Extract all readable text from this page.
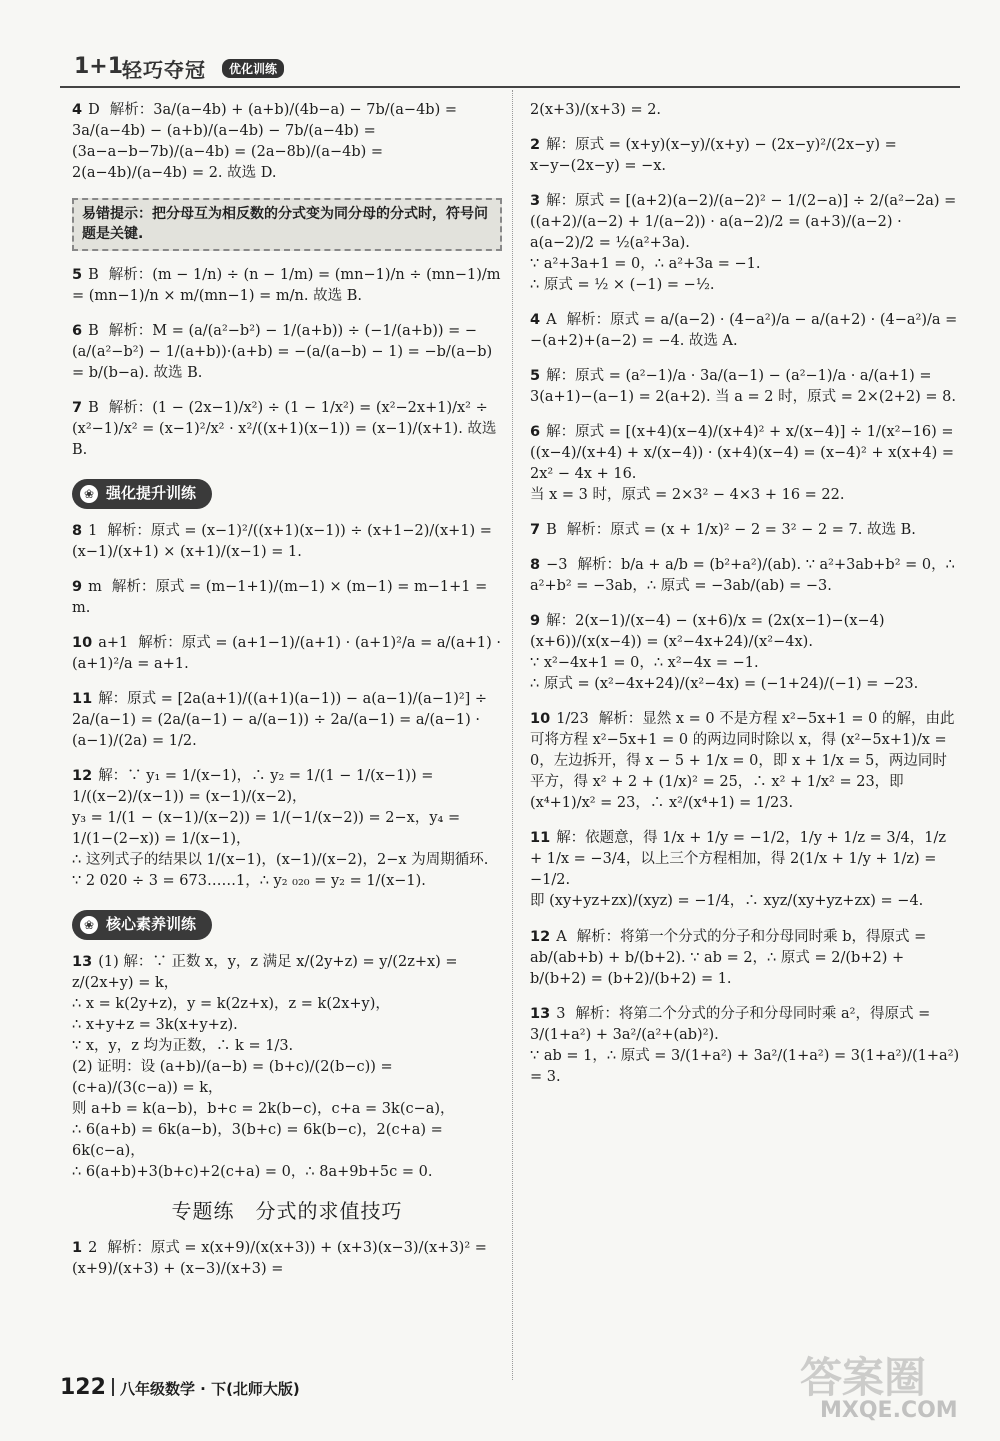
1+1
轻巧夺冠	优化训练
4 D 解析：3a/(a−4b) + (a+b)/(4b−a) − 7b/(a−4b) = 3a/(a−4b) − (a+b)/(a−4b) − 7b/(a−4b) = (3a−a−b−7b)/(a−4b) = (2a−8b)/(a−4b) = 2(a−4b)/(a−4b) = 2. 故选 D.
易错提示：把分母互为相反数的分式变为同分母的分式时，符号问题是关键.
5 B 解析：(m − 1/n) ÷ (n − 1/m) = (mn−1)/n ÷ (mn−1)/m = (mn−1)/n × m/(mn−1) = m/n. 故选 B.
6 B 解析：M = (a/(a²−b²) − 1/(a+b)) ÷ (−1/(a+b)) = −(a/(a²−b²) − 1/(a+b))·(a+b) = −(a/(a−b) − 1) = −b/(a−b) = b/(b−a). 故选 B.
7 B 解析：(1 − (2x−1)/x²) ÷ (1 − 1/x²) = (x²−2x+1)/x² ÷ (x²−1)/x² = (x−1)²/x² · x²/((x+1)(x−1)) = (x−1)/(x+1). 故选 B.
❀ 强化提升训练
8 1 解析：原式 = (x−1)²/((x+1)(x−1)) ÷ (x+1−2)/(x+1) = (x−1)/(x+1) × (x+1)/(x−1) = 1.
9 m 解析：原式 = (m−1+1)/(m−1) × (m−1) = m−1+1 = m.
10 a+1 解析：原式 = (a+1−1)/(a+1) · (a+1)²/a = a/(a+1) · (a+1)²/a = a+1.
11 解：原式 = [2a(a+1)/((a+1)(a−1)) − a(a−1)/(a−1)²] ÷ 2a/(a−1) = (2a/(a−1) − a/(a−1)) ÷ 2a/(a−1) = a/(a−1) · (a−1)/(2a) = 1/2.
12 解：∵ y₁ = 1/(x−1)，∴ y₂ = 1/(1 − 1/(x−1)) = 1/((x−2)/(x−1)) = (x−1)/(x−2)，
y₃ = 1/(1 − (x−1)/(x−2)) = 1/(−1/(x−2)) = 2−x，y₄ = 1/(1−(2−x)) = 1/(x−1)，
∴ 这列式子的结果以 1/(x−1)，(x−1)/(x−2)，2−x 为周期循环.
∵ 2 020 ÷ 3 = 673……1，∴ y₂ ₀₂₀ = y₂ = 1/(x−1).
❀ 核心素养训练
13 (1) 解：∵ 正数 x，y，z 满足 x/(2y+z) = y/(2z+x) = z/(2x+y) = k，
∴ x = k(2y+z)，y = k(2z+x)，z = k(2x+y)，
∴ x+y+z = 3k(x+y+z).
∵ x，y，z 均为正数，∴ k = 1/3.
(2) 证明：设 (a+b)/(a−b) = (b+c)/(2(b−c)) = (c+a)/(3(c−a)) = k，
则 a+b = k(a−b)，b+c = 2k(b−c)，c+a = 3k(c−a)，
∴ 6(a+b) = 6k(a−b)，3(b+c) = 6k(b−c)，2(c+a) = 6k(c−a)，
∴ 6(a+b)+3(b+c)+2(c+a) = 0，∴ 8a+9b+5c = 0.
专题练　分式的求值技巧
1 2 解析：原式 = x(x+9)/(x(x+3)) + (x+3)(x−3)/(x+3)² = (x+9)/(x+3) + (x−3)/(x+3) =
2(x+3)/(x+3) = 2.
2 解：原式 = (x+y)(x−y)/(x+y) − (2x−y)²/(2x−y) = x−y−(2x−y) = −x.
3 解：原式 = [(a+2)(a−2)/(a−2)² − 1/(2−a)] ÷ 2/(a²−2a) = ((a+2)/(a−2) + 1/(a−2)) · a(a−2)/2 = (a+3)/(a−2) · a(a−2)/2 = ½(a²+3a).
∵ a²+3a+1 = 0，∴ a²+3a = −1.
∴ 原式 = ½ × (−1) = −½.
4 A 解析：原式 = a/(a−2) · (4−a²)/a − a/(a+2) · (4−a²)/a = −(a+2)+(a−2) = −4. 故选 A.
5 解：原式 = (a²−1)/a · 3a/(a−1) − (a²−1)/a · a/(a+1) = 3(a+1)−(a−1) = 2(a+2). 当 a = 2 时，原式 = 2×(2+2) = 8.
6 解：原式 = [(x+4)(x−4)/(x+4)² + x/(x−4)] ÷ 1/(x²−16) = ((x−4)/(x+4) + x/(x−4)) · (x+4)(x−4) = (x−4)² + x(x+4) = 2x² − 4x + 16.
当 x = 3 时，原式 = 2×3² − 4×3 + 16 = 22.
7 B 解析：原式 = (x + 1/x)² − 2 = 3² − 2 = 7. 故选 B.
8 −3 解析：b/a + a/b = (b²+a²)/(ab). ∵ a²+3ab+b² = 0，∴ a²+b² = −3ab，∴ 原式 = −3ab/(ab) = −3.
9 解：2(x−1)/(x−4) − (x+6)/x = (2x(x−1)−(x−4)(x+6))/(x(x−4)) = (x²−4x+24)/(x²−4x).
∵ x²−4x+1 = 0，∴ x²−4x = −1.
∴ 原式 = (x²−4x+24)/(x²−4x) = (−1+24)/(−1) = −23.
10 1/23 解析：显然 x = 0 不是方程 x²−5x+1 = 0 的解，由此可将方程 x²−5x+1 = 0 的两边同时除以 x，得 (x²−5x+1)/x = 0，左边拆开，得 x − 5 + 1/x = 0，即 x + 1/x = 5，两边同时平方，得 x² + 2 + (1/x)² = 25，∴ x² + 1/x² = 23，即 (x⁴+1)/x² = 23，∴ x²/(x⁴+1) = 1/23.
11 解：依题意，得 1/x + 1/y = −1/2，1/y + 1/z = 3/4，1/z + 1/x = −3/4，以上三个方程相加，得 2(1/x + 1/y + 1/z) = −1/2.
即 (xy+yz+zx)/(xyz) = −1/4，∴ xyz/(xy+yz+zx) = −4.
12 A 解析：将第一个分式的分子和分母同时乘 b，得原式 = ab/(ab+b) + b/(b+2). ∵ ab = 2，∴ 原式 = 2/(b+2) + b/(b+2) = (b+2)/(b+2) = 1.
13 3 解析：将第二个分式的分子和分母同时乘 a²，得原式 = 3/(1+a²) + 3a²/(a²+(ab)²).
∵ ab = 1，∴ 原式 = 3/(1+a²) + 3a²/(1+a²) = 3(1+a²)/(1+a²) = 3.
122 八年级数学 · 下(北师大版)	答案圈
MXQE.COM
